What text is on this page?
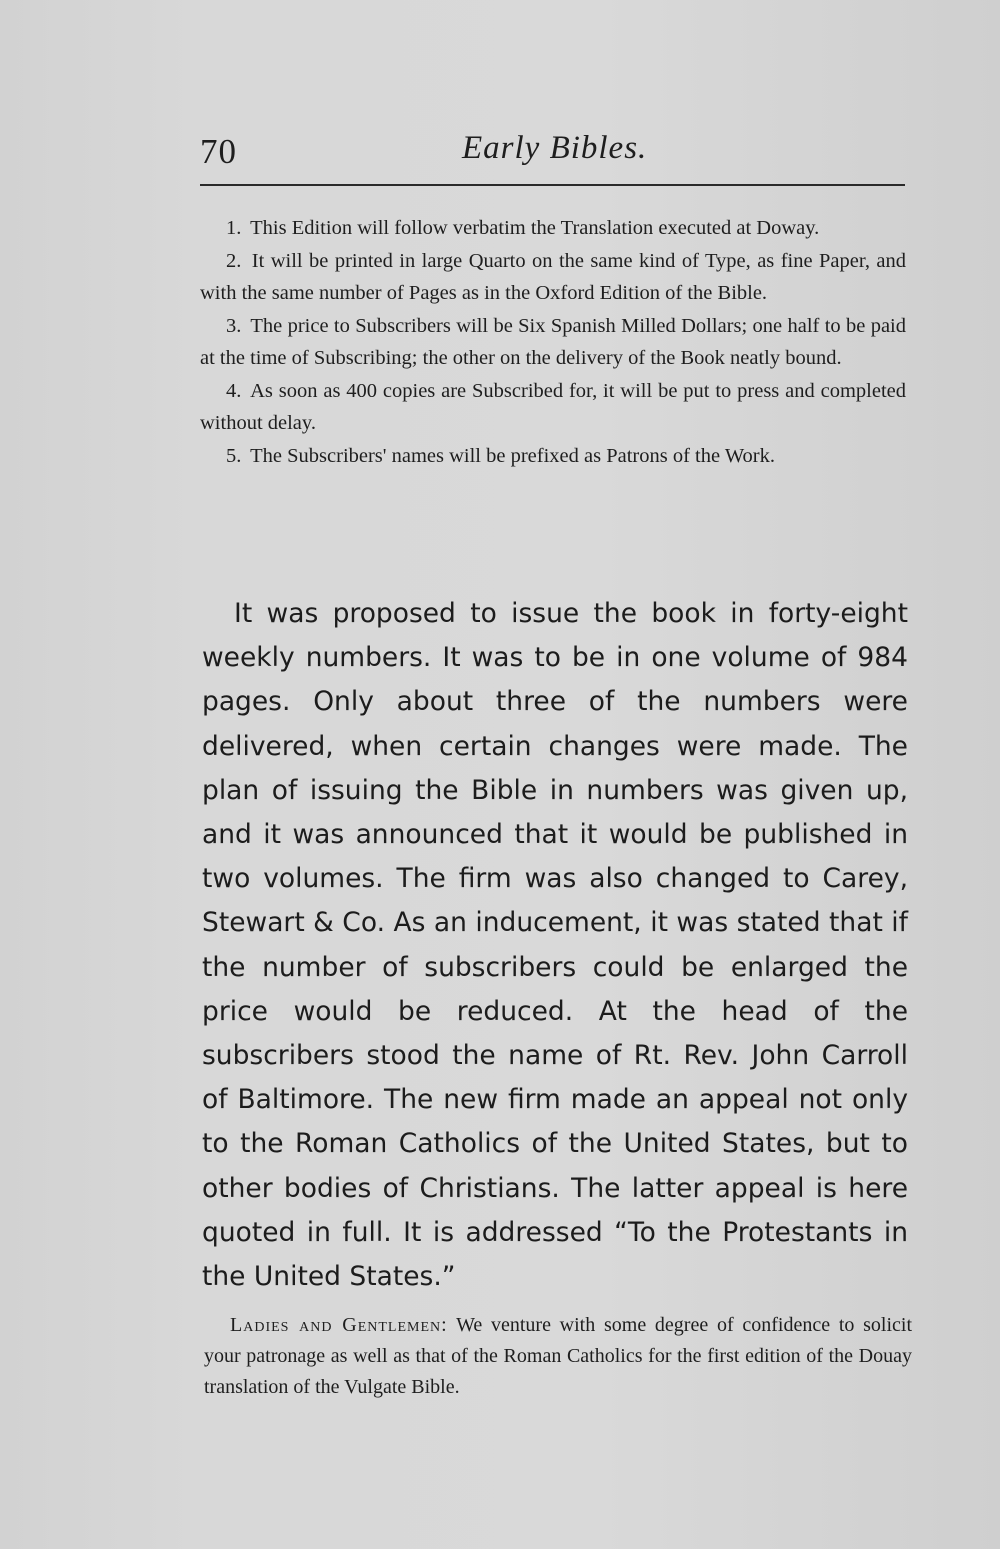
70	Early Bibles.

1. This Edition will follow verbatim the Translation executed at Doway.

2. It will be printed in large Quarto on the same kind of Type, as fine Paper, and with the same number of Pages as in the Oxford Edition of the Bible.

3. The price to Subscribers will be Six Spanish Milled Dollars; one half to be paid at the time of Subscribing; the other on the delivery of the Book neatly bound.

4. As soon as 400 copies are Subscribed for, it will be put to press and completed without delay.

5. The Subscribers' names will be prefixed as Patrons of the Work.

It was proposed to issue the book in forty-eight weekly numbers. It was to be in one volume of 984 pages. Only about three of the numbers were delivered, when certain changes were made. The plan of issuing the Bible in numbers was given up, and it was announced that it would be published in two volumes. The firm was also changed to Carey, Stewart & Co. As an inducement, it was stated that if the number of subscribers could be enlarged the price would be reduced. At the head of the subscribers stood the name of Rt. Rev. John Carroll of Baltimore. The new firm made an appeal not only to the Roman Catholics of the United States, but to other bodies of Christians. The latter appeal is here quoted in full. It is addressed “To the Protestants in the United States.”

Ladies and Gentlemen: We venture with some degree of confidence to solicit your patronage as well as that of the Roman Catholics for the first edition of the Douay translation of the Vulgate Bible.
